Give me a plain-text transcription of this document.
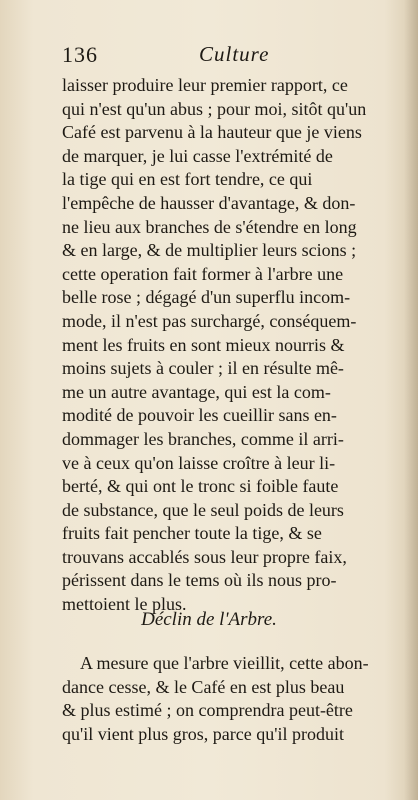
136	Culture
laisser produire leur premier rapport, ce
qui n'est qu'un abus ; pour moi, sitôt qu'un
Café est parvenu à la hauteur que je viens
de marquer, je lui casse l'extrémité de
la tige qui en est fort tendre, ce qui
l'empêche de hausser d'avantage, & don-
ne lieu aux branches de s'étendre en long
& en large, & de multiplier leurs scions ;
cette operation fait former à l'arbre une
belle rose ; dégagé d'un superflu incom-
mode, il n'est pas surchargé, conséquem-
ment les fruits en sont mieux nourris &
moins sujets à couler ; il en résulte mê-
me un autre avantage, qui est la com-
modité de pouvoir les cueillir sans en-
dommager les branches, comme il arri-
ve à ceux qu'on laisse croître à leur li-
berté, & qui ont le tronc si foible faute
de substance, que le seul poids de leurs
fruits fait pencher toute la tige, & se
trouvans accablés sous leur propre faix,
périssent dans le tems où ils nous pro-
mettoient le plus.
Déclin de l'Arbre.
A mesure que l'arbre vieillit, cette abon-
dance cesse, & le Café en est plus beau
& plus estimé ; on comprendra peut-être
qu'il vient plus gros, parce qu'il produit
